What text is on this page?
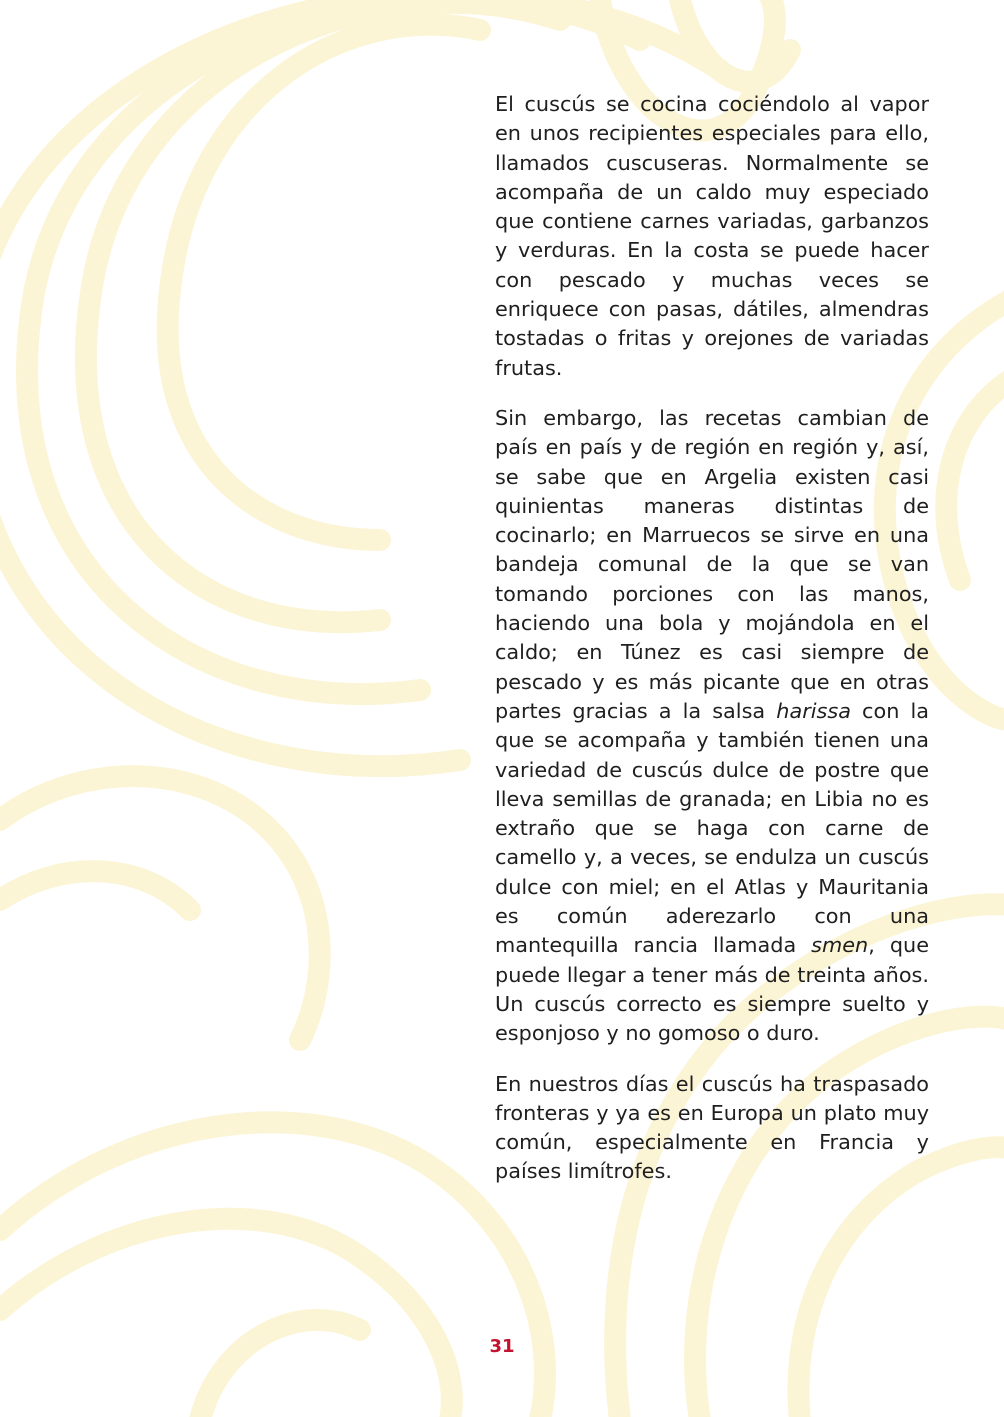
El cuscús se cocina cociéndolo al vapor en unos recipientes especiales para ello, llamados cuscuseras. Normalmente se acompaña de un caldo muy especiado que contiene carnes variadas, garbanzos y verduras. En la costa se puede hacer con pescado y muchas veces se enriquece con pasas, dátiles, almendras tostadas o fritas y orejones de variadas frutas.

Sin embargo, las recetas cambian de país en país y de región en región y, así, se sabe que en Argelia existen casi quinientas maneras distintas de cocinarlo; en Marruecos se sirve en una bandeja comunal de la que se van tomando porciones con las manos, haciendo una bola y mojándola en el caldo; en Túnez es casi siempre de pescado y es más picante que en otras partes gracias a la salsa harissa con la que se acompaña y también tienen una variedad de cuscús dulce de postre que lleva semillas de granada; en Libia no es extraño que se haga con carne de camello y, a veces, se endulza un cuscús dulce con miel; en el Atlas y Mauritania es común aderezarlo con una mantequilla rancia llamada smen, que puede llegar a tener más de treinta años. Un cuscús correcto es siempre suelto y esponjoso y no gomoso o duro.

En nuestros días el cuscús ha traspasado fronteras y ya es en Europa un plato muy común, especialmente en Francia y países limítrofes.

31
